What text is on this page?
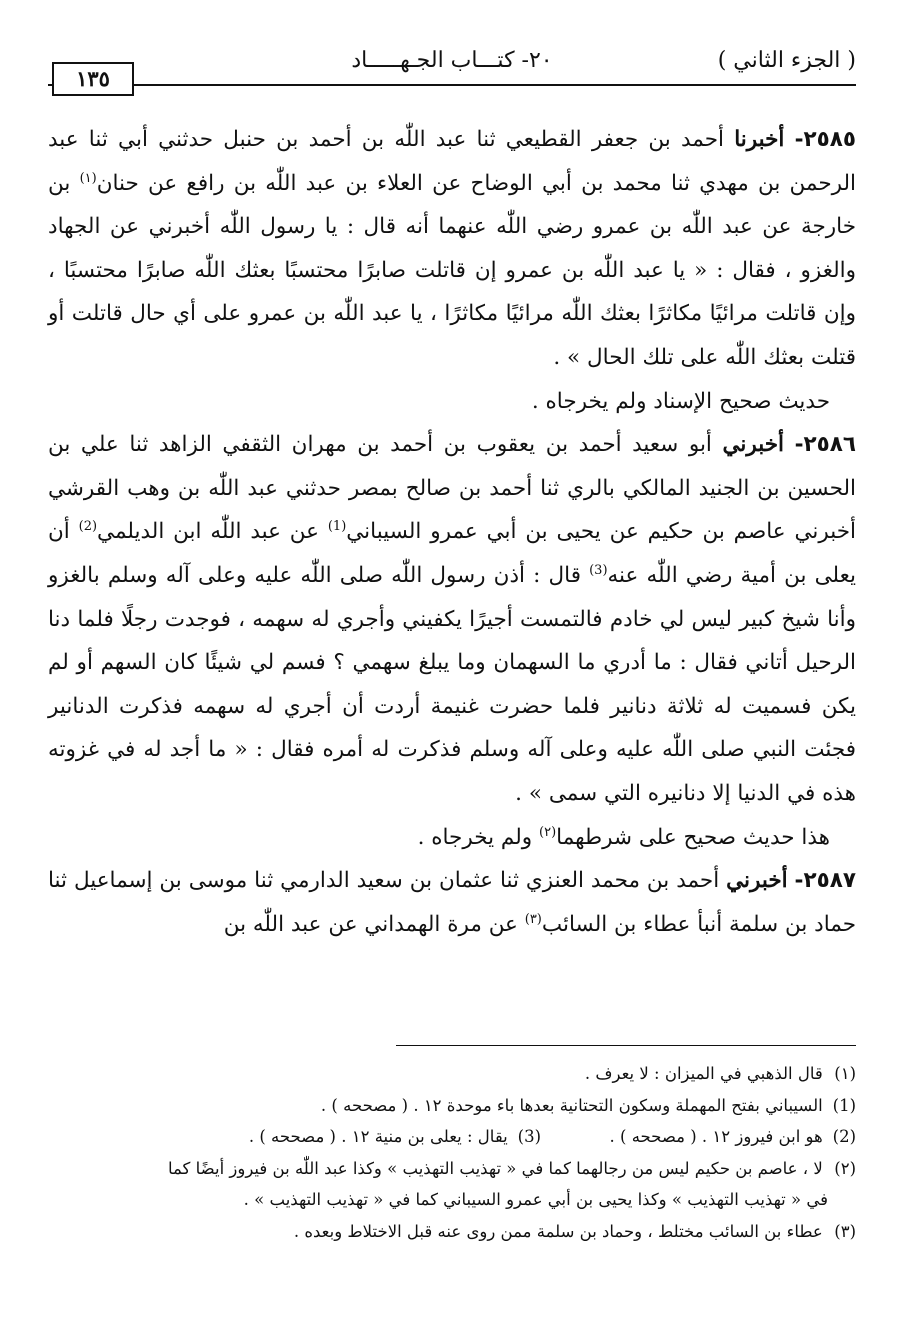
( الجزء الثاني )
٢٠- كتـــاب الجـهـــــاد
١٣٥

٢٥٨٥- أخبرنا أحمد بن جعفر القطيعي ثنا عبد اللّٰه بن أحمد بن حنبل حدثني أبي ثنا عبد الرحمن بن مهدي ثنا محمد بن أبي الوضاح عن العلاء بن عبد اللّٰه بن رافع عن حنان$^{(١)}$ بن خارجة عن عبد اللّٰه بن عمرو رضي اللّٰه عنهما أنه قال : يا رسول اللّٰه أخبرني عن الجهاد والغزو ، فقال : « يا عبد اللّٰه بن عمرو إن قاتلت صابرًا محتسبًا بعثك اللّٰه صابرًا محتسبًا ، وإن قاتلت مرائيًا مكاثرًا بعثك اللّٰه مرائيًا مكاثرًا ، يا عبد اللّٰه بن عمرو على أي حال قاتلت أو قتلت بعثك اللّٰه على تلك الحال » .

حديث صحيح الإسناد ولم يخرجاه .

٢٥٨٦- أخبرني أبو سعيد أحمد بن يعقوب بن أحمد بن مهران الثقفي الزاهد ثنا علي بن الحسين بن الجنيد المالكي بالري ثنا أحمد بن صالح بمصر حدثني عبد اللّٰه بن وهب القرشي أخبرني عاصم بن حكيم عن يحيى بن أبي عمرو السيباني$^{(1)}$ عن عبد اللّٰه ابن الديلمي$^{(2)}$ أن يعلى بن أمية رضي اللّٰه عنه$^{(3)}$ قال : أذن رسول اللّٰه صلى اللّٰه عليه وعلى آله وسلم بالغزو وأنا شيخ كبير ليس لي خادم فالتمست أجيرًا يكفيني وأجري له سهمه ، فوجدت رجلًا فلما دنا الرحيل أتاني فقال : ما أدري ما السهمان وما يبلغ سهمي ؟ فسم لي شيئًا كان السهم أو لم يكن فسميت له ثلاثة دنانير فلما حضرت غنيمة أردت أن أجري له سهمه فذكرت الدنانير فجئت النبي صلى اللّٰه عليه وعلى آله وسلم فذكرت له أمره فقال : « ما أجد له في غزوته هذه في الدنيا إلا دنانيره التي سمى » .

هذا حديث صحيح على شرطهما$^{(٢)}$ ولم يخرجاه .

٢٥٨٧- أخبرني أحمد بن محمد العنزي ثنا عثمان بن سعيد الدارمي ثنا موسى بن إسماعيل ثنا حماد بن سلمة أنبأ عطاء بن السائب$^{(٣)}$ عن مرة الهمداني عن عبد اللّٰه بن

(١) قال الذهبي في الميزان : لا يعرف .

(1) السيباني بفتح المهملة وسكون التحتانية بعدها باء موحدة ١٢ . ( مصححه ) .

(2) هو ابن فيروز ١٢ . ( مصححه ) .  (3) يقال : يعلى بن منية ١٢ . ( مصححه ) .

(٢) لا ، عاصم بن حكيم ليس من رجالهما كما في « تهذيب التهذيب » وكذا عبد اللّٰه بن فيروز أيضًا كما

في « تهذيب التهذيب » وكذا يحيى بن أبي عمرو السيباني كما في « تهذيب التهذيب » .

(٣) عطاء بن السائب مختلط ، وحماد بن سلمة ممن روى عنه قبل الاختلاط وبعده .
